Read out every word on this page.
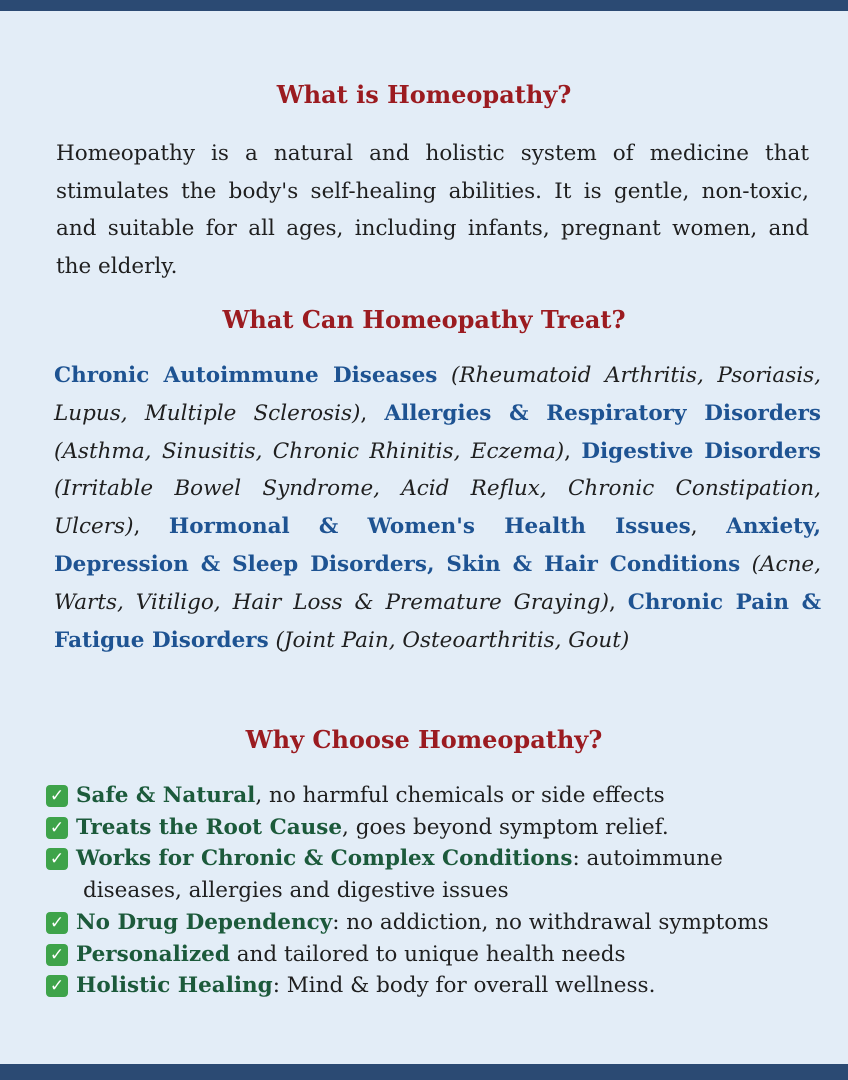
What is Homeopathy?

Homeopathy is a natural and holistic system of medicine that stimulates the body's self-healing abilities. It is gentle, non-toxic, and suitable for all ages, including infants, pregnant women, and the elderly.

What Can Homeopathy Treat?

Chronic Autoimmune Diseases (Rheumatoid Arthritis, Psoriasis, Lupus, Multiple Sclerosis), Allergies & Respiratory Disorders (Asthma, Sinusitis, Chronic Rhinitis, Eczema), Digestive Disorders (Irritable Bowel Syndrome, Acid Reflux, Chronic Constipation, Ulcers), Hormonal & Women's Health Issues, Anxiety, Depression & Sleep Disorders, Skin & Hair Conditions (Acne, Warts, Vitiligo, Hair Loss & Premature Graying), Chronic Pain & Fatigue Disorders (Joint Pain, Osteoarthritis, Gout)

Why Choose Homeopathy?
✓ Safe & Natural, no harmful chemicals or side effects
✓ Treats the Root Cause, goes beyond symptom relief.
✓ Works for Chronic & Complex Conditions: autoimmune
diseases, allergies and digestive issues
✓ No Drug Dependency: no addiction, no withdrawal symptoms
✓ Personalized and tailored to unique health needs
✓ Holistic Healing: Mind & body for overall wellness.
